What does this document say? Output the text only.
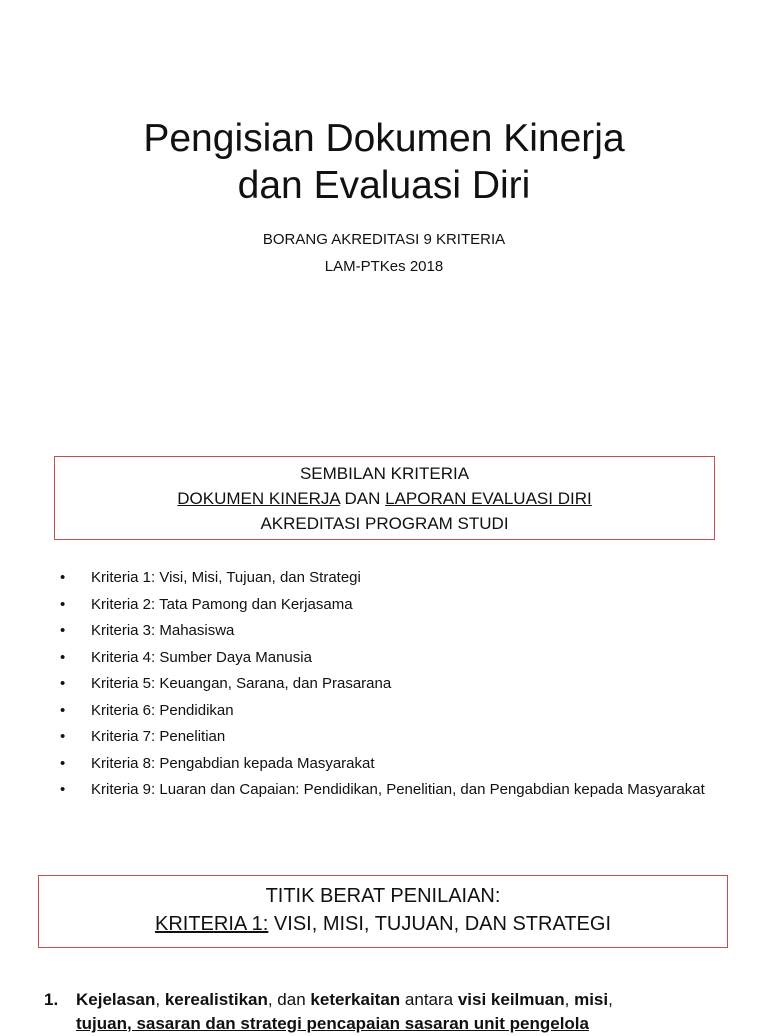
Pengisian Dokumen Kinerja
dan Evaluasi Diri
BORANG AKREDITASI 9 KRITERIA
LAM-PTKes 2018
SEMBILAN KRITERIA
DOKUMEN KINERJA DAN LAPORAN EVALUASI DIRI
AKREDITASI PROGRAM STUDI
• Kriteria 1: Visi, Misi, Tujuan, dan Strategi
• Kriteria 2: Tata Pamong dan Kerjasama
• Kriteria 3: Mahasiswa
• Kriteria 4: Sumber Daya Manusia
• Kriteria 5: Keuangan, Sarana, dan Prasarana
• Kriteria 6: Pendidikan
• Kriteria 7: Penelitian
• Kriteria 8: Pengabdian kepada Masyarakat
• Kriteria 9: Luaran dan Capaian: Pendidikan, Penelitian, dan Pengabdian kepada Masyarakat
TITIK BERAT PENILAIAN:
KRITERIA 1: VISI, MISI, TUJUAN, DAN STRATEGI
1. Kejelasan, kerealistikan, dan keterkaitan antara visi keilmuan, misi,
tujuan, sasaran dan strategi pencapaian sasaran unit pengelola
